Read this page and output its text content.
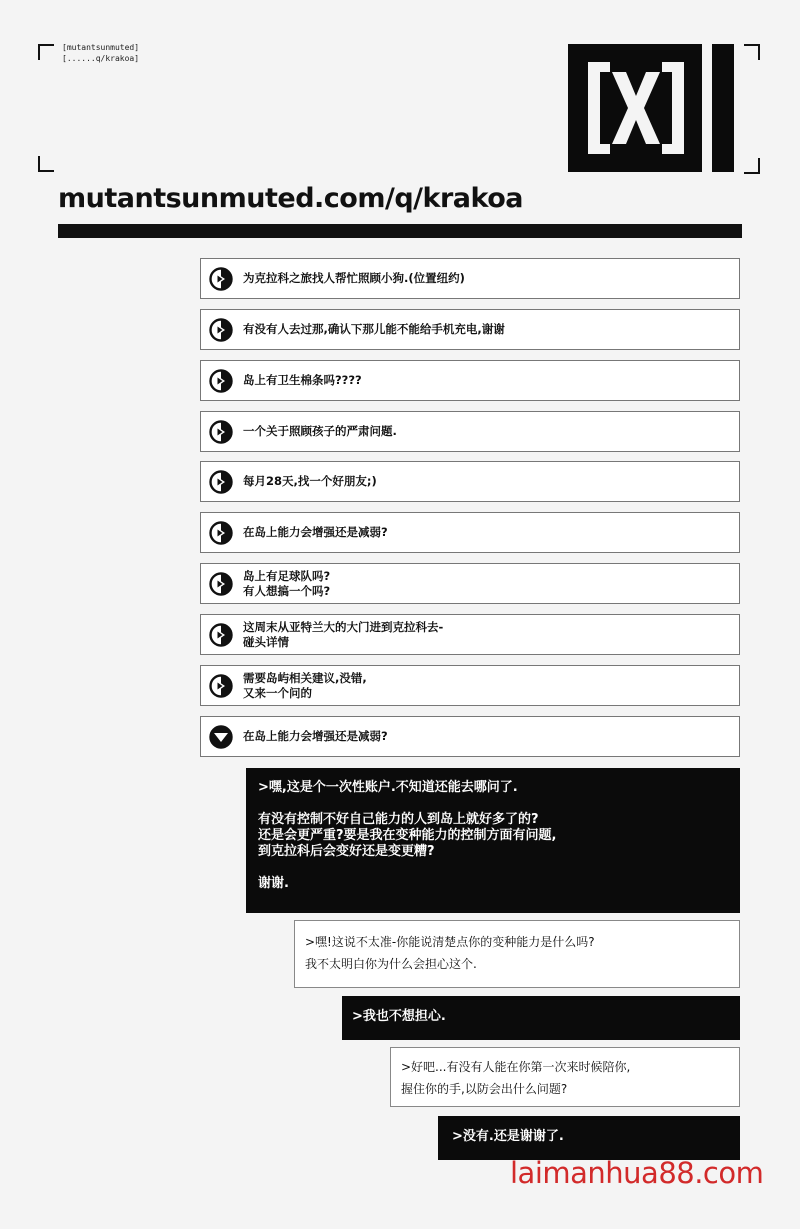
[mutantsunmuted]
[......q/krakoa]
mutantsunmuted.com/q/krakoa
为克拉科之旅找人帮忙照顾小狗.(位置纽约)
有没有人去过那,确认下那儿能不能给手机充电,谢谢
岛上有卫生棉条吗????
一个关于照顾孩子的严肃问题.
每月28天,找一个好朋友;)
在岛上能力会增强还是减弱?
岛上有足球队吗?
有人想搞一个吗?
这周末从亚特兰大的大门进到克拉科去-
碰头详情
需要岛屿相关建议,没错,
又来一个问的
在岛上能力会增强还是减弱?
>嘿,这是个一次性账户.不知道还能去哪问了.

有没有控制不好自己能力的人到岛上就好多了的?
还是会更严重?要是我在变种能力的控制方面有问题,
到克拉科后会变好还是变更糟?

谢谢.
>嘿!这说不太准-你能说清楚点你的变种能力是什么吗?
我不太明白你为什么会担心这个.
>我也不想担心.
>好吧...有没有人能在你第一次来时候陪你,
握住你的手,以防会出什么问题?
>没有.还是谢谢了.
laimanhua88.com
